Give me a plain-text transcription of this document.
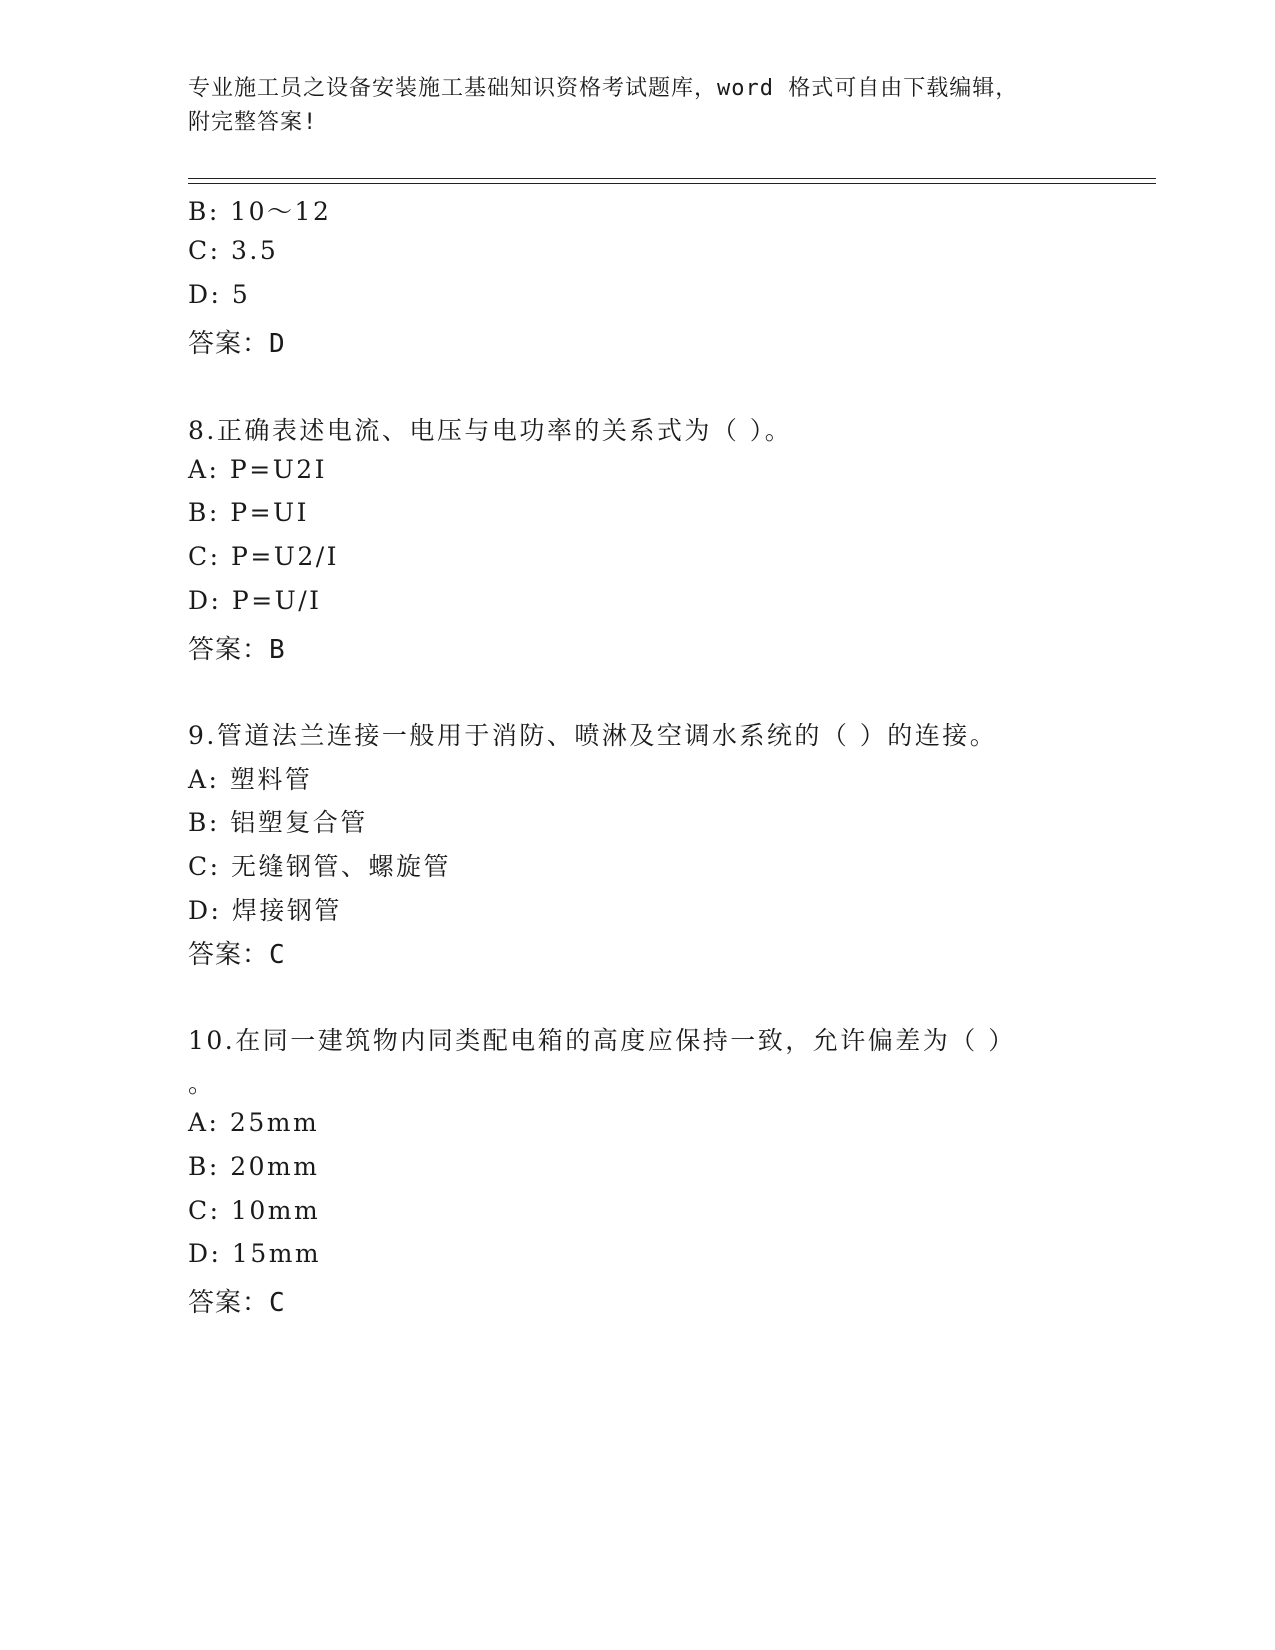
专业施工员之设备安装施工基础知识资格考试题库，word 格式可自由下载编辑，
附完整答案!
B: 10～12
C: 3.5
D: 5
答案：D
8.正确表述电流、电压与电功率的关系式为（ ）。
A: P=U2I
B: P=UI
C: P=U2/I
D: P=U/I
答案：B
9.管道法兰连接一般用于消防、喷淋及空调水系统的（ ）的连接。
A: 塑料管
B: 铝塑复合管
C: 无缝钢管、螺旋管
D: 焊接钢管
答案：C
10.在同一建筑物内同类配电箱的高度应保持一致，允许偏差为（ ）
。
A: 25mm
B: 20mm
C: 10mm
D: 15mm
答案：C
